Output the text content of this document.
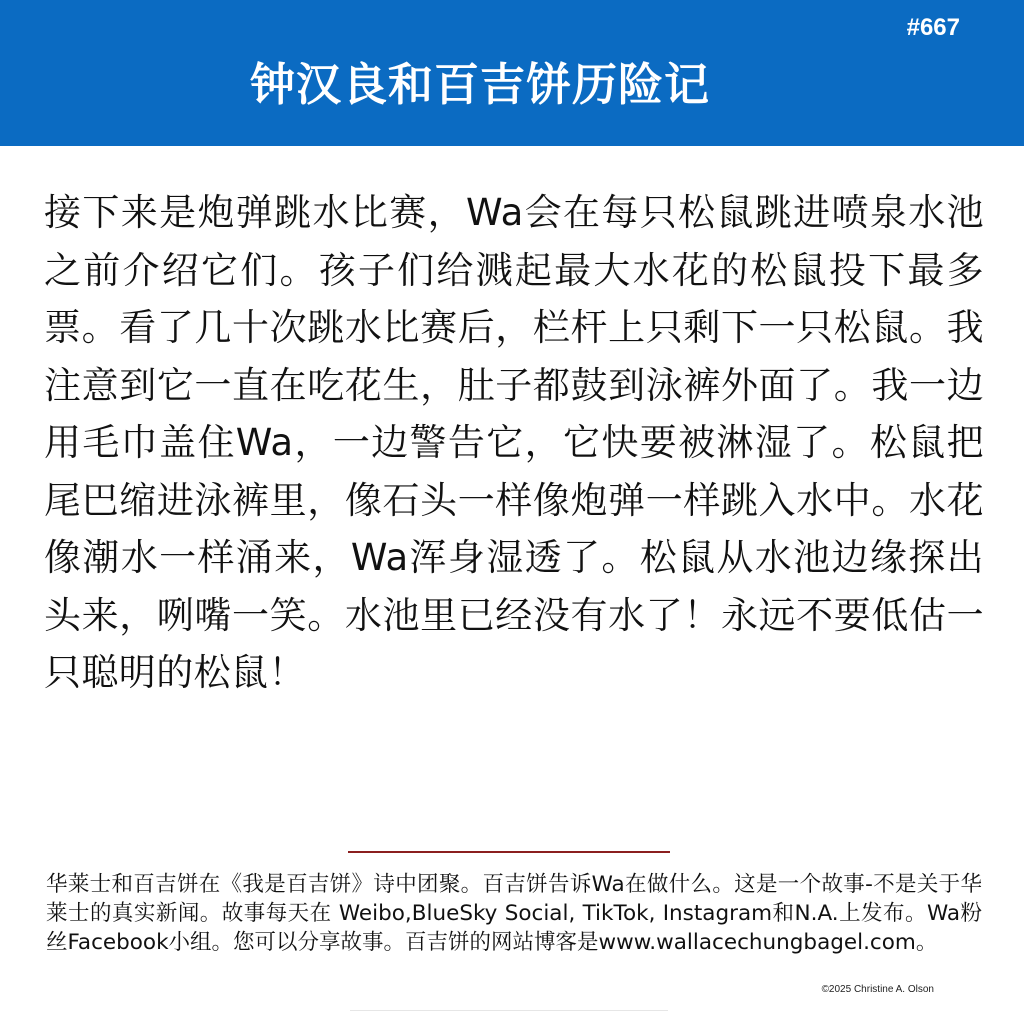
#667
钟汉良和百吉饼历险记
接下来是炮弹跳水比赛，Wa会在每只松鼠跳进喷泉水池之前介绍它们。孩子们给溅起最大水花的松鼠投下最多票。看了几十次跳水比赛后，栏杆上只剩下一只松鼠。我注意到它一直在吃花生，肚子都鼓到泳裤外面了。我一边用毛巾盖住Wa，一边警告它，它快要被淋湿了。松鼠把尾巴缩进泳裤里，像石头一样像炮弹一样跳入水中。水花像潮水一样涌来，Wa浑身湿透了。松鼠从水池边缘探出头来，咧嘴一笑。水池里已经没有水了！永远不要低估一只聪明的松鼠！
华莱士和百吉饼在《我是百吉饼》诗中团聚。百吉饼告诉Wa在做什么。这是一个故事-不是关于华莱士的真实新闻。故事每天在 Weibo,BlueSky Social, TikTok, Instagram和N.A.上发布。Wa粉丝Facebook小组。您可以分享故事。百吉饼的网站博客是www.wallacechungbagel.com。
©2025 Christine A. Olson
